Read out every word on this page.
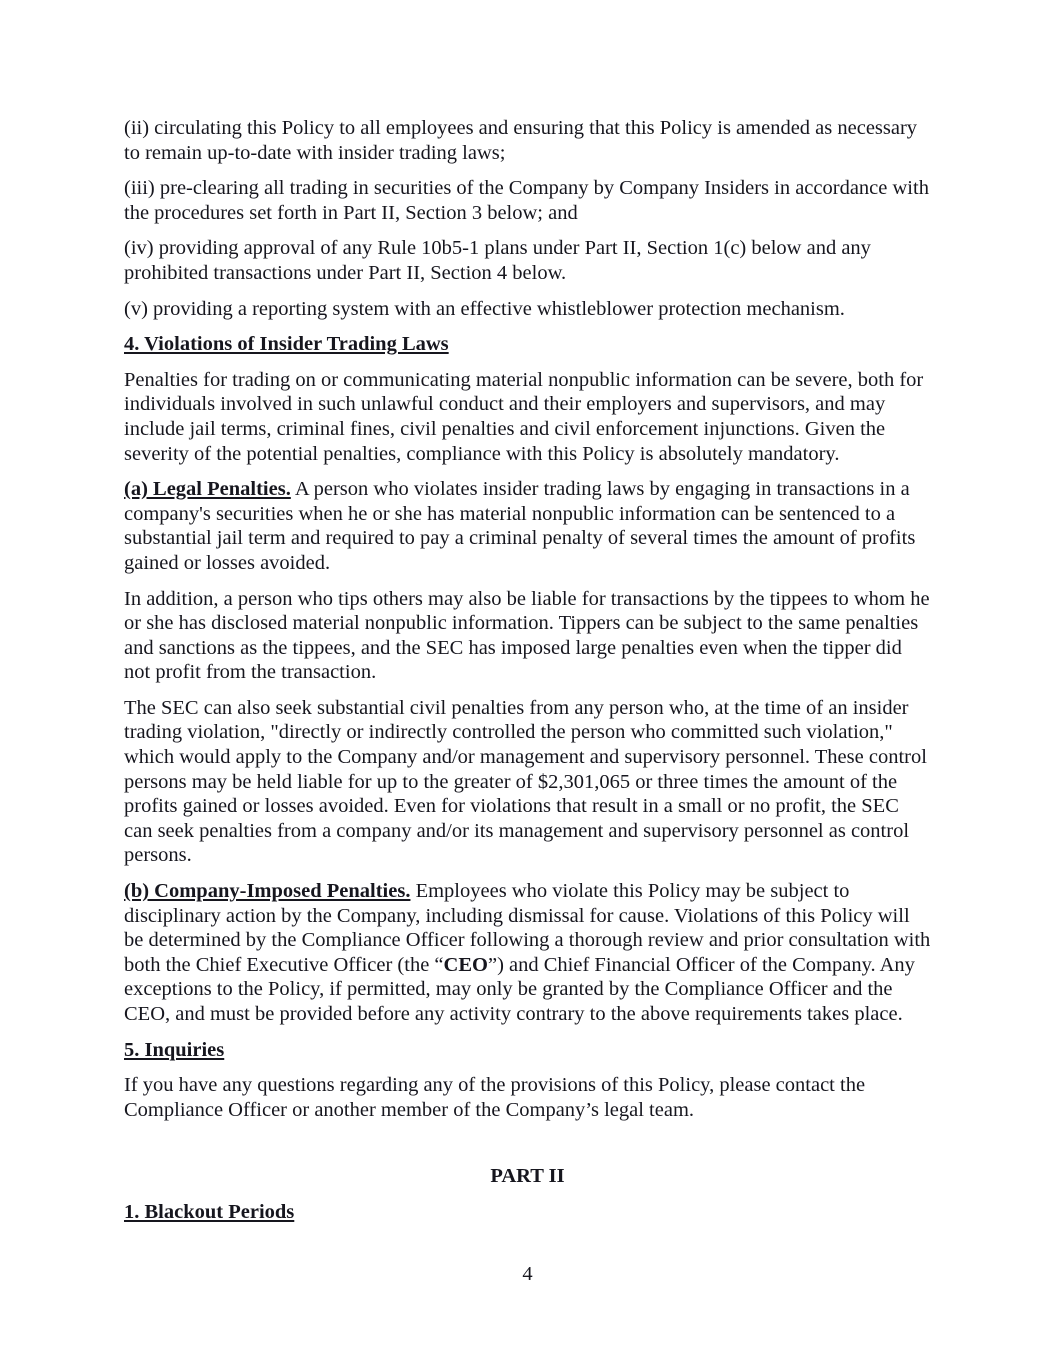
(ii) circulating this Policy to all employees and ensuring that this Policy is amended as necessary to remain up-to-date with insider trading laws;

(iii) pre-clearing all trading in securities of the Company by Company Insiders in accordance with the procedures set forth in Part II, Section 3 below; and

(iv) providing approval of any Rule 10b5-1 plans under Part II, Section 1(c) below and any prohibited transactions under Part II, Section 4 below.

(v) providing a reporting system with an effective whistleblower protection mechanism.

4. Violations of Insider Trading Laws

Penalties for trading on or communicating material nonpublic information can be severe, both for individuals involved in such unlawful conduct and their employers and supervisors, and may include jail terms, criminal fines, civil penalties and civil enforcement injunctions. Given the severity of the potential penalties, compliance with this Policy is absolutely mandatory.

(a) Legal Penalties. A person who violates insider trading laws by engaging in transactions in a company's securities when he or she has material nonpublic information can be sentenced to a substantial jail term and required to pay a criminal penalty of several times the amount of profits gained or losses avoided.

In addition, a person who tips others may also be liable for transactions by the tippees to whom he or she has disclosed material nonpublic information. Tippers can be subject to the same penalties and sanctions as the tippees, and the SEC has imposed large penalties even when the tipper did not profit from the transaction.

The SEC can also seek substantial civil penalties from any person who, at the time of an insider trading violation, "directly or indirectly controlled the person who committed such violation," which would apply to the Company and/or management and supervisory personnel. These control persons may be held liable for up to the greater of $2,301,065 or three times the amount of the profits gained or losses avoided. Even for violations that result in a small or no profit, the SEC can seek penalties from a company and/or its management and supervisory personnel as control persons.

(b) Company-Imposed Penalties. Employees who violate this Policy may be subject to disciplinary action by the Company, including dismissal for cause. Violations of this Policy will be determined by the Compliance Officer following a thorough review and prior consultation with both the Chief Executive Officer (the “CEO”) and Chief Financial Officer of the Company. Any exceptions to the Policy, if permitted, may only be granted by the Compliance Officer and the CEO, and must be provided before any activity contrary to the above requirements takes place.

5. Inquiries

If you have any questions regarding any of the provisions of this Policy, please contact the Compliance Officer or another member of the Company’s legal team.

PART II

1. Blackout Periods

4
